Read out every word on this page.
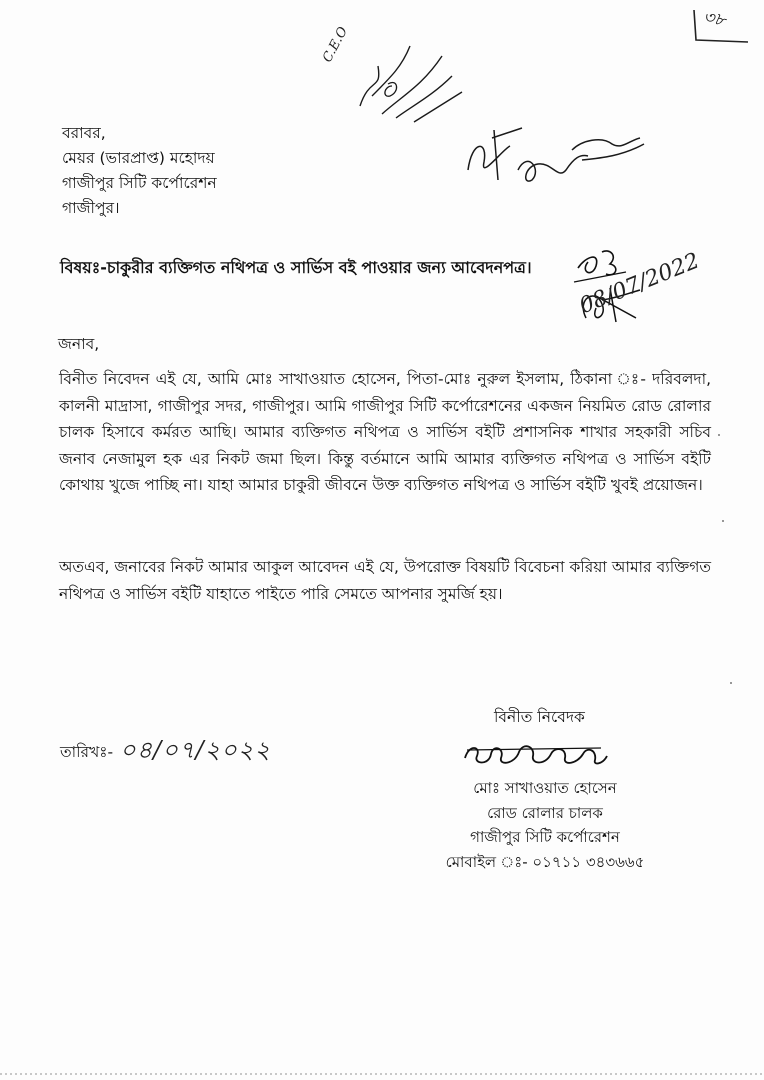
৩৮
C.E.O
বরাবর,
মেয়র (ভারপ্রাপ্ত) মহোদয়
গাজীপুর সিটি কর্পোরেশন
গাজীপুর।
বিষয়ঃ-চাকুরীর ব্যক্তিগত নথিপত্র ও সার্ভিস বই পাওয়ার জন্য আবেদনপত্র। 08/07/2022
জনাব,
বিনীত নিবেদন এই যে, আমি মোঃ সাখাওয়াত হোসেন, পিতা-মোঃ নুরুল ইসলাম, ঠিকানা ঃ- দরিবলদা, কালনী মাদ্রাসা, গাজীপুর সদর, গাজীপুর। আমি গাজীপুর সিটি কর্পোরেশনের একজন নিয়মিত রোড রোলার চালক হিসাবে কর্মরত আছি। আমার ব্যক্তিগত নথিপত্র ও সার্ভিস বইটি প্রশাসনিক শাখার সহকারী সচিব জনাব নেজামুল হক এর নিকট জমা ছিল। কিন্তু বর্তমানে আমি আমার ব্যক্তিগত নথিপত্র ও সার্ভিস বইটি কোথায় খুজে পাচ্ছি না। যাহা আমার চাকুরী জীবনে উক্ত ব্যক্তিগত নথিপত্র ও সার্ভিস বইটি খুবই প্রয়োজন।
অতএব, জনাবের নিকট আমার আকুল আবেদন এই যে, উপরোক্ত বিষয়টি বিবেচনা করিয়া আমার ব্যক্তিগত নথিপত্র ও সার্ভিস বইটি যাহাতে পাইতে পারি সেমতে আপনার সুমর্জি হয়।
বিনীত নিবেদক
তারিখঃ- ০৪/০৭/২০২২
মোঃ সাখাওয়াত হোসেন
রোড রোলার চালক
গাজীপুর সিটি কর্পোরেশন
মোবাইল ঃ- ০১৭১১ ৩৪৩৬৬৫
